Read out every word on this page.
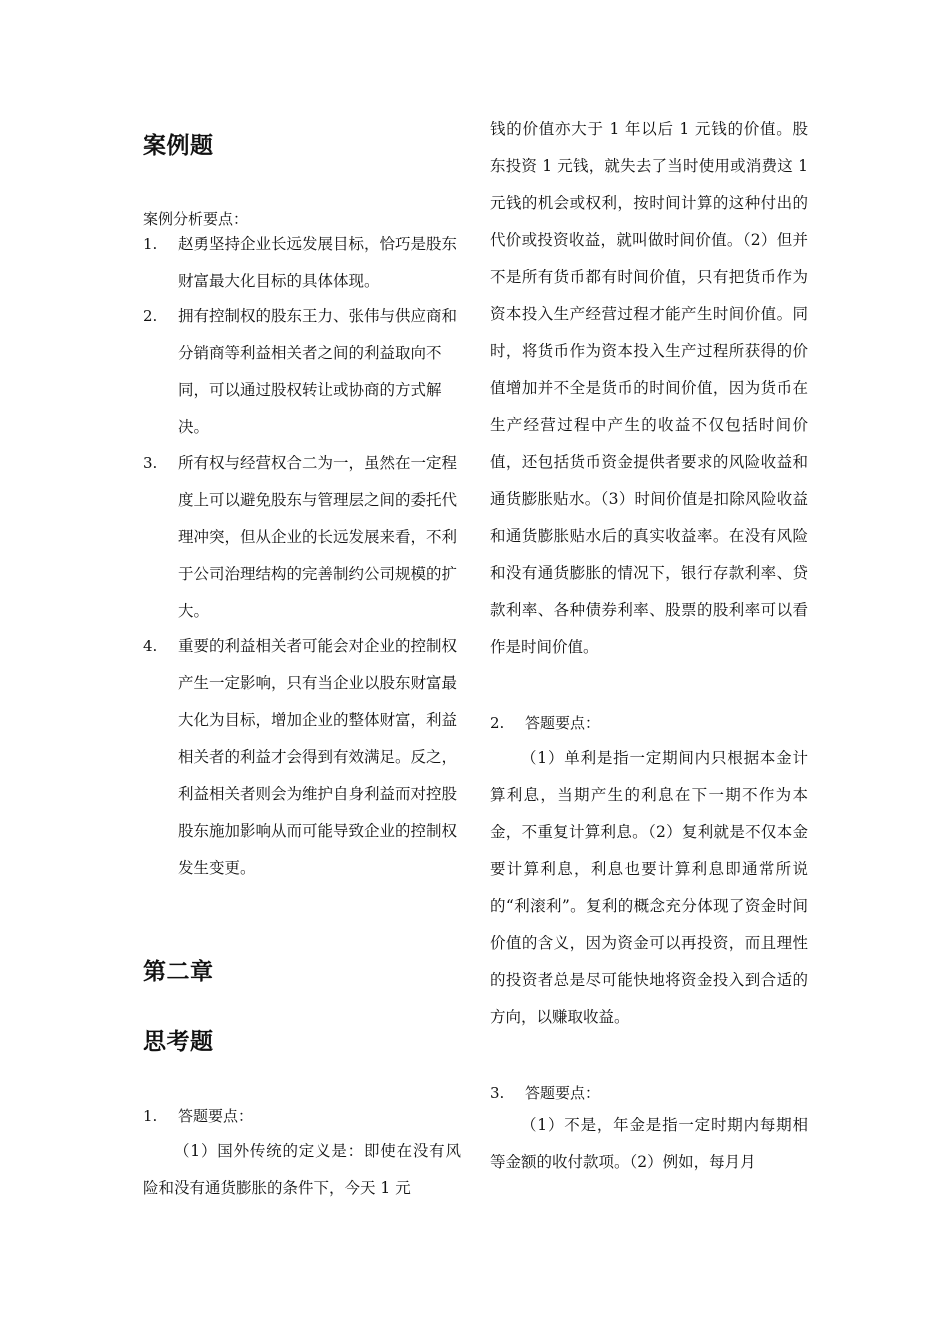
案例题
案例分析要点：
1. 赵勇坚持企业长远发展目标，恰巧是股东财富最大化目标的具体体现。
2. 拥有控制权的股东王力、张伟与供应商和分销商等利益相关者之间的利益取向不同，可以通过股权转让或协商的方式解决。
3. 所有权与经营权合二为一，虽然在一定程度上可以避免股东与管理层之间的委托代理冲突，但从企业的长远发展来看，不利于公司治理结构的完善制约公司规模的扩大。
4. 重要的利益相关者可能会对企业的控制权产生一定影响，只有当企业以股东财富最大化为目标，增加企业的整体财富，利益相关者的利益才会得到有效满足。反之，利益相关者则会为维护自身利益而对控股股东施加影响从而可能导致企业的控制权发生变更。
第二章
思考题
1. 答题要点：
（1）国外传统的定义是：即使在没有风险和没有通货膨胀的条件下，今天 1 元
钱的价值亦大于 1 年以后 1 元钱的价值。股东投资 1 元钱，就失去了当时使用或消费这 1 元钱的机会或权利，按时间计算的这种付出的代价或投资收益，就叫做时间价值。（2）但并不是所有货币都有时间价值，只有把货币作为资本投入生产经营过程才能产生时间价值。同时，将货币作为资本投入生产过程所获得的价值增加并不全是货币的时间价值，因为货币在生产经营过程中产生的收益不仅包括时间价值，还包括货币资金提供者要求的风险收益和通货膨胀贴水。（3）时间价值是扣除风险收益和通货膨胀贴水后的真实收益率。在没有风险和没有通货膨胀的情况下，银行存款利率、贷款利率、各种债券利率、股票的股利率可以看作是时间价值。
2. 答题要点：
（1）单利是指一定期间内只根据本金计算利息，当期产生的利息在下一期不作为本金，不重复计算利息。（2）复利就是不仅本金要计算利息，利息也要计算利息即通常所说的“利滚利”。复利的概念充分体现了资金时间价值的含义，因为资金可以再投资，而且理性的投资者总是尽可能快地将资金投入到合适的方向，以赚取收益。
3. 答题要点：
（1）不是，年金是指一定时期内每期相等金额的收付款项。（2）例如，每月月
